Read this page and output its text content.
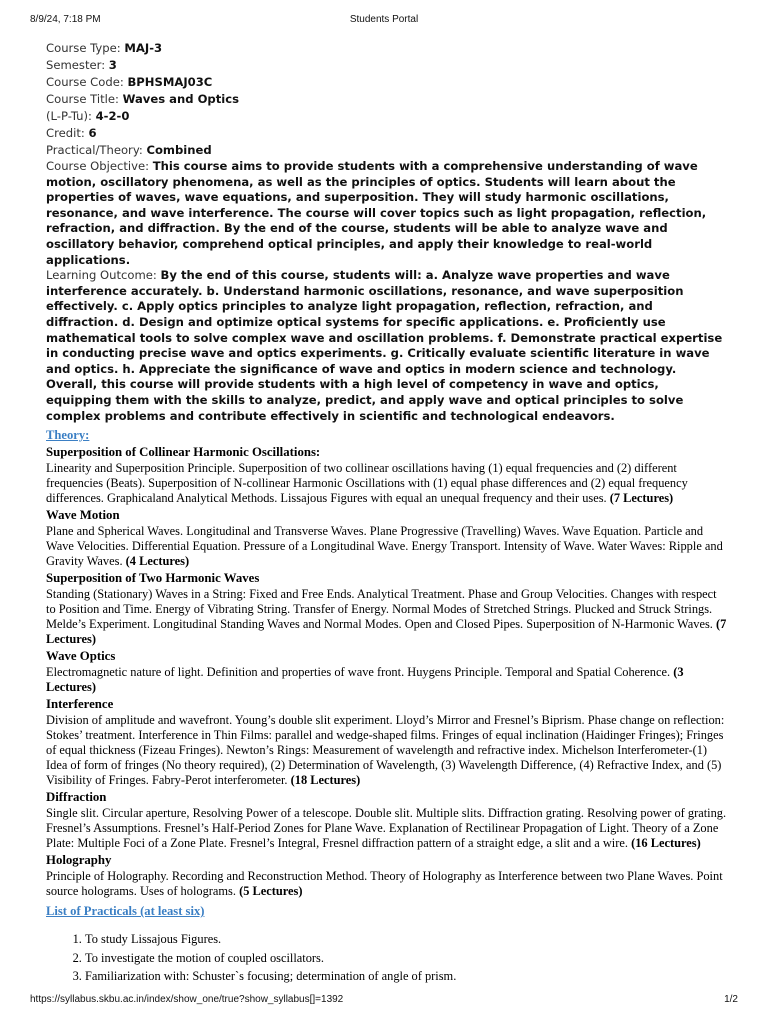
8/9/24, 7:18 PM	Students Portal
Course Type: MAJ-3
Semester: 3
Course Code: BPHSMAJ03C
Course Title: Waves and Optics
(L-P-Tu): 4-2-0
Credit: 6
Practical/Theory: Combined
Course Objective: This course aims to provide students with a comprehensive understanding of wave motion, oscillatory phenomena, as well as the principles of optics. Students will learn about the properties of waves, wave equations, and superposition. They will study harmonic oscillations, resonance, and wave interference. The course will cover topics such as light propagation, reflection, refraction, and diffraction. By the end of the course, students will be able to analyze wave and oscillatory behavior, comprehend optical principles, and apply their knowledge to real-world applications.
Learning Outcome: By the end of this course, students will: a. Analyze wave properties and wave interference accurately. b. Understand harmonic oscillations, resonance, and wave superposition effectively. c. Apply optics principles to analyze light propagation, reflection, refraction, and diffraction. d. Design and optimize optical systems for specific applications. e. Proficiently use mathematical tools to solve complex wave and oscillation problems. f. Demonstrate practical expertise in conducting precise wave and optics experiments. g. Critically evaluate scientific literature in wave and optics. h. Appreciate the significance of wave and optics in modern science and technology. Overall, this course will provide students with a high level of competency in wave and optics, equipping them with the skills to analyze, predict, and apply wave and optical principles to solve complex problems and contribute effectively in scientific and technological endeavors.
Theory:
Superposition of Collinear Harmonic Oscillations:
Linearity and Superposition Principle. Superposition of two collinear oscillations having (1) equal frequencies and (2) different frequencies (Beats). Superposition of N-collinear Harmonic Oscillations with (1) equal phase differences and (2) equal frequency differences. Graphicaland Analytical Methods. Lissajous Figures with equal an unequal frequency and their uses. (7 Lectures)
Wave Motion
Plane and Spherical Waves. Longitudinal and Transverse Waves. Plane Progressive (Travelling) Waves. Wave Equation. Particle and Wave Velocities. Differential Equation. Pressure of a Longitudinal Wave. Energy Transport. Intensity of Wave. Water Waves: Ripple and Gravity Waves. (4 Lectures)
Superposition of Two Harmonic Waves
Standing (Stationary) Waves in a String: Fixed and Free Ends. Analytical Treatment. Phase and Group Velocities. Changes with respect to Position and Time. Energy of Vibrating String. Transfer of Energy. Normal Modes of Stretched Strings. Plucked and Struck Strings. Melde’s Experiment. Longitudinal Standing Waves and Normal Modes. Open and Closed Pipes. Superposition of N-Harmonic Waves. (7 Lectures)
Wave Optics
Electromagnetic nature of light. Definition and properties of wave front. Huygens Principle. Temporal and Spatial Coherence. (3 Lectures)
Interference
Division of amplitude and wavefront. Young’s double slit experiment. Lloyd’s Mirror and Fresnel’s Biprism. Phase change on reflection: Stokes’ treatment. Interference in Thin Films: parallel and wedge-shaped films. Fringes of equal inclination (Haidinger Fringes); Fringes of equal thickness (Fizeau Fringes). Newton’s Rings: Measurement of wavelength and refractive index. Michelson Interferometer-(1) Idea of form of fringes (No theory required), (2) Determination of Wavelength, (3) Wavelength Difference, (4) Refractive Index, and (5) Visibility of Fringes. Fabry-Perot interferometer. (18 Lectures)
Diffraction
Single slit. Circular aperture, Resolving Power of a telescope. Double slit. Multiple slits. Diffraction grating. Resolving power of grating. Fresnel’s Assumptions. Fresnel’s Half-Period Zones for Plane Wave. Explanation of Rectilinear Propagation of Light. Theory of a Zone Plate: Multiple Foci of a Zone Plate. Fresnel’s Integral, Fresnel diffraction pattern of a straight edge, a slit and a wire. (16 Lectures)
Holography
Principle of Holography. Recording and Reconstruction Method. Theory of Holography as Interference between two Plane Waves. Point source holograms. Uses of holograms. (5 Lectures)
List of Practicals (at least six)
1. To study Lissajous Figures.
2. To investigate the motion of coupled oscillators.
3. Familiarization with: Schuster`s focusing; determination of angle of prism.
https://syllabus.skbu.ac.in/index/show_one/true?show_syllabus[]=1392	1/2
